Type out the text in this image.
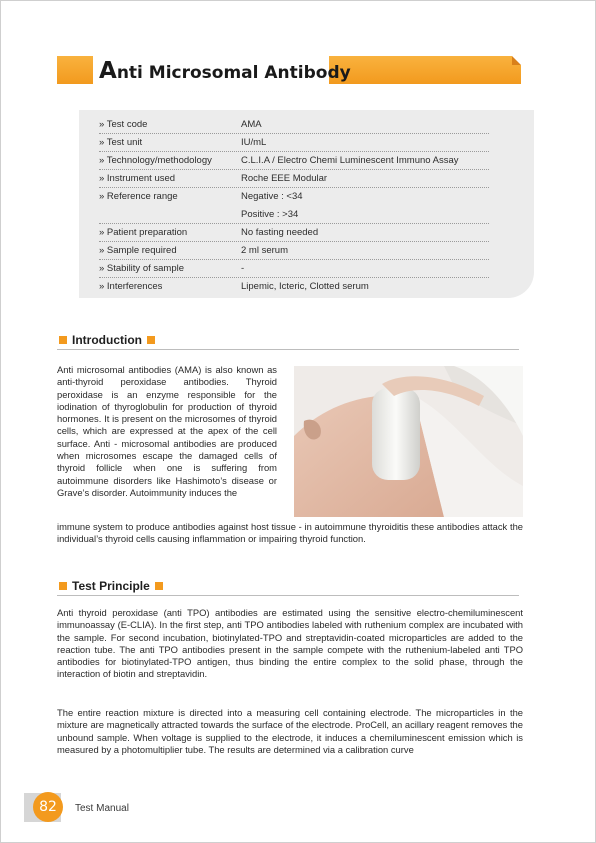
Anti Microsomal Antibody
» Test code	AMA
» Test unit	IU/mL
» Technology/methodology	C.L.I.A / Electro Chemi Luminescent Immuno Assay
» Instrument used	Roche EEE Modular
» Reference range	Negative : <34
Positive : >34
» Patient preparation	No fasting needed
» Sample required	2 ml serum
» Stability of sample	-
» Interferences	Lipemic, Icteric, Clotted serum
Introduction
Anti microsomal antibodies (AMA) is also known as anti-thyroid peroxidase antibodies. Thyroid peroxidase is an enzyme responsible for the iodination of thyroglobulin for production of thyroid hormones. It is present on the microsomes of thyroid cells, which are expressed at the apex of the cell surface. Anti - microsomal antibodies are produced when microsomes escape the damaged cells of thyroid follicle when one is suffering from autoimmune disorders like Hashimoto’s disease or Grave’s disorder. Autoimmunity induces the
immune system to produce antibodies against host tissue - in autoimmune thyroiditis these antibodies attack the individual’s thyroid cells causing inflammation or impairing thyroid function.
Test Principle
Anti thyroid peroxidase (anti TPO) antibodies are estimated using the sensitive electro-chemiluminescent immunoassay (E-CLIA). In the first step, anti TPO antibodies labeled with ruthenium complex are incubated with the sample. For second incubation, biotinylated-TPO and streptavidin-coated microparticles are added to the reaction tube. The anti TPO antibodies present in the sample compete with the ruthenium-labeled anti TPO antibodies for biotinylated-TPO antigen, thus binding the entire complex to the solid phase, through the interaction of biotin and streptavidin.
The entire reaction mixture is directed into a measuring cell containing electrode. The microparticles in the mixture are magnetically attracted towards the surface of the electrode. ProCell, an acillary reagent removes the unbound sample. When voltage is supplied to the electrode, it induces a chemiluminescent emission which is measured by a photomultiplier tube. The results are determined via a calibration curve
82	Test Manual
